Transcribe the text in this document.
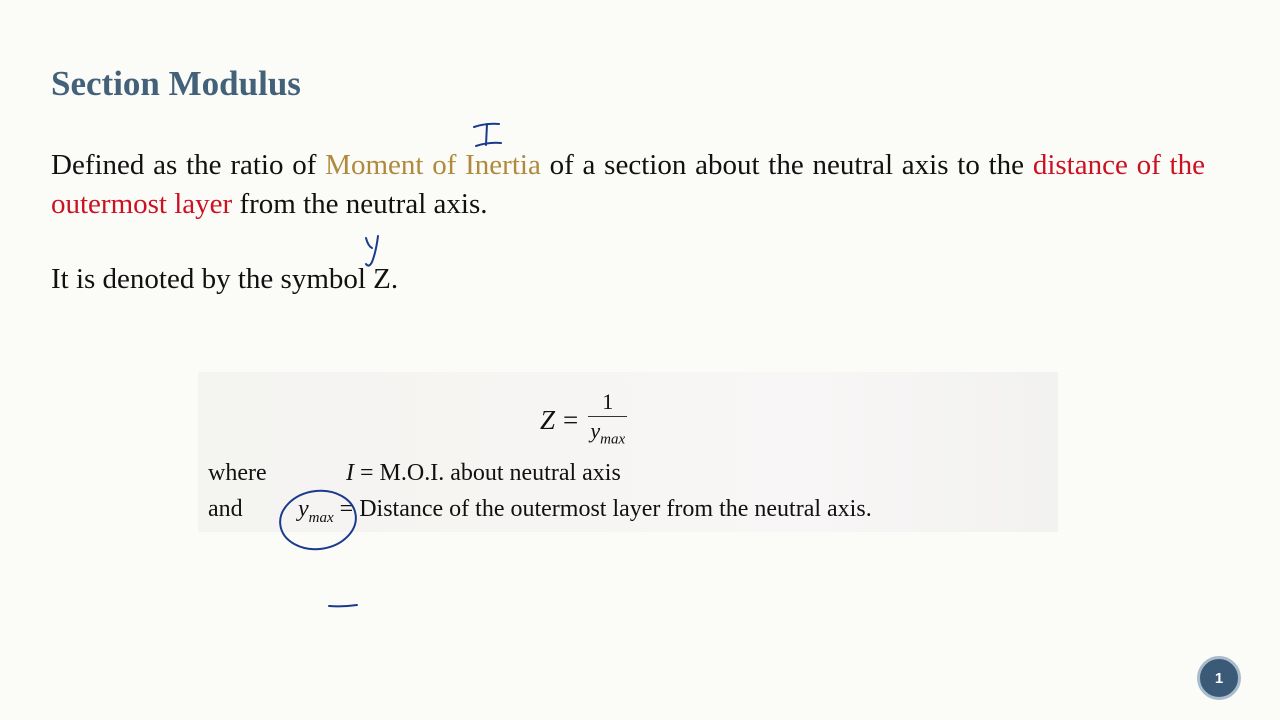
Section Modulus

Defined as the ratio of Moment of Inertia of a section about the neutral axis to the distance of the outermost layer from the neutral axis.

It is denoted by the symbol Z.

$Z = \frac{1}{y_{max}}$
where	I = M.O.I. about neutral axis
and $y_{max}$ = Distance of the outermost layer from the neutral axis.
1
